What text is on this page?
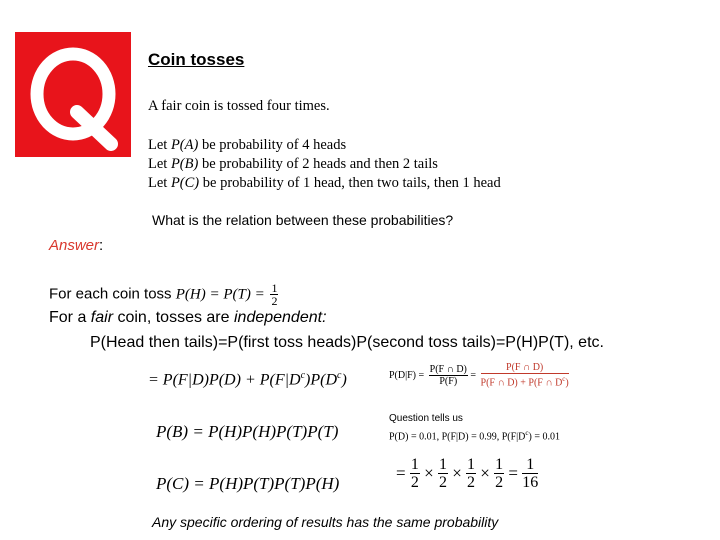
Coin tosses
A fair coin is tossed four times.
Let P(A) be probability of 4 heads
Let P(B) be probability of 2 heads and then 2 tails
Let P(C) be probability of 1 head, then two tails, then 1 head
What is the relation between these probabilities?
Answer:
For each coin toss $P(H) = P(T) = \frac{1}{2}$
For a fair coin, tosses are independent:
P(Head then tails)=P(first toss heads)P(second toss tails)=P(H)P(T), etc.
= $P(F|D)P(D) + P(F|D^c)P(D^c)$	$P(D|F) = \frac{P(F \cap D)}{P(F)} = \frac{P(F \cap D)}{P(F \cap D) + P(F \cap D^c)}$
Question tells us
P(D) = 0.01, P(F|D) = 0.99, $P(F|D^c) = 0.01$
P(B) = P(H)P(H)P(T)P(T)
P(C) = P(H)P(T)P(T)P(H)
= $\frac{1}{2} \times \frac{1}{2} \times \frac{1}{2} \times \frac{1}{2} = \frac{1}{16}$
Any specific ordering of results has the same probability
